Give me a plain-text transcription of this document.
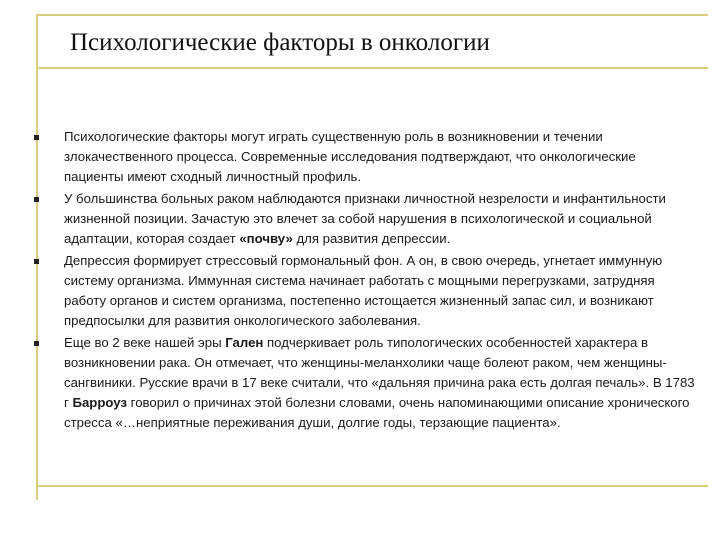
Психологические факторы в онкологии
Психологические факторы могут играть существенную роль в возникновении и течении злокачественного процесса. Современные исследования подтверждают, что онкологические пациенты имеют сходный личностный профиль.
У большинства больных раком наблюдаются признаки личностной незрелости и инфантильности жизненной позиции. Зачастую это влечет за собой нарушения в психологической и социальной адаптации, которая создает «почву» для развития депрессии.
Депрессия формирует стрессовый гормональный фон. А он, в свою очередь, угнетает иммунную систему организма. Иммунная система начинает работать с мощными перегрузками, затрудняя работу органов и систем организма, постепенно истощается жизненный запас сил, и возникают предпосылки для развития онкологического заболевания.
Еще во 2 веке нашей эры Гален подчеркивает роль типологических особенностей характера в возникновении рака. Он отмечает, что женщины-меланхолики чаще болеют раком, чем женщины-сангвиники. Русские врачи в 17 веке считали, что «дальняя причина рака есть долгая печаль». В 1783 г Барроуз говорил о причинах этой болезни словами, очень напоминающими описание хронического стресса «…неприятные переживания души, долгие годы, терзающие пациента».
